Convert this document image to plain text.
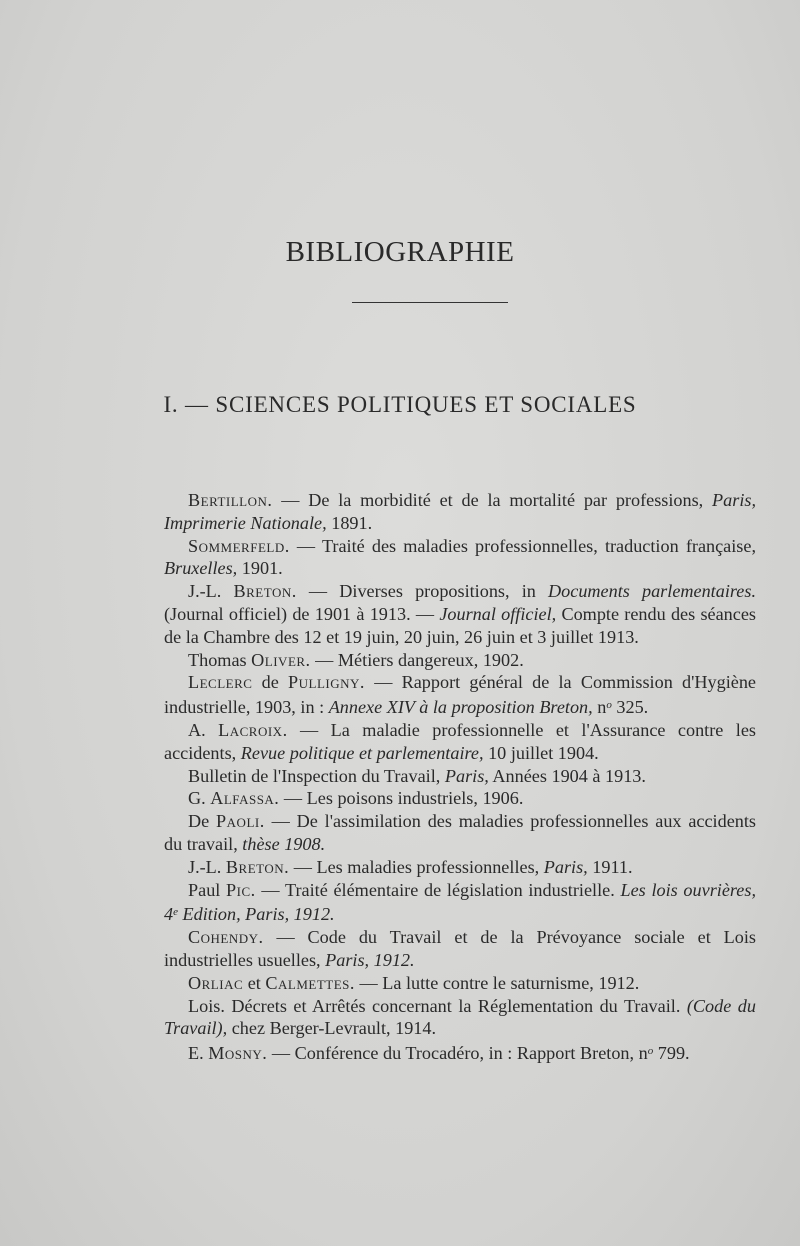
BIBLIOGRAPHIE
I. — SCIENCES POLITIQUES ET SOCIALES

Bertillon. — De la morbidité et de la mortalité par professions, Paris, Imprimerie Nationale, 1891.

Sommerfeld. — Traité des maladies professionnelles, traduction française, Bruxelles, 1901.

J.-L. Breton. — Diverses propositions, in Documents parlementaires. (Journal officiel) de 1901 à 1913. — Journal officiel, Compte rendu des séances de la Chambre des 12 et 19 juin, 20 juin, 26 juin et 3 juillet 1913.

Thomas Oliver. — Métiers dangereux, 1902.

Leclerc de Pulligny. — Rapport général de la Commission d'Hygiène industrielle, 1903, in : Annexe XIV à la proposition Breton, $n^o$ 325.

A. Lacroix. — La maladie professionnelle et l'Assurance contre les accidents, Revue politique et parlementaire, 10 juillet 1904.

Bulletin de l'Inspection du Travail, Paris, Années 1904 à 1913.

G. Alfassa. — Les poisons industriels, 1906.

De Paoli. — De l'assimilation des maladies professionnelles aux accidents du travail, thèse 1908.

J.-L. Breton. — Les maladies professionnelles, Paris, 1911.

Paul Pic. — Traité élémentaire de législation industrielle. Les lois ouvrières, 4e Edition, Paris, 1912.

Cohendy. — Code du Travail et de la Prévoyance sociale et Lois industrielles usuelles, Paris, 1912.

Orliac et Calmettes. — La lutte contre le saturnisme, 1912.

Lois. Décrets et Arrêtés concernant la Réglementation du Travail. (Code du Travail), chez Berger-Levrault, 1914.

E. Mosny. — Conférence du Trocadéro, in : Rapport Breton, $n^o$ 799.
